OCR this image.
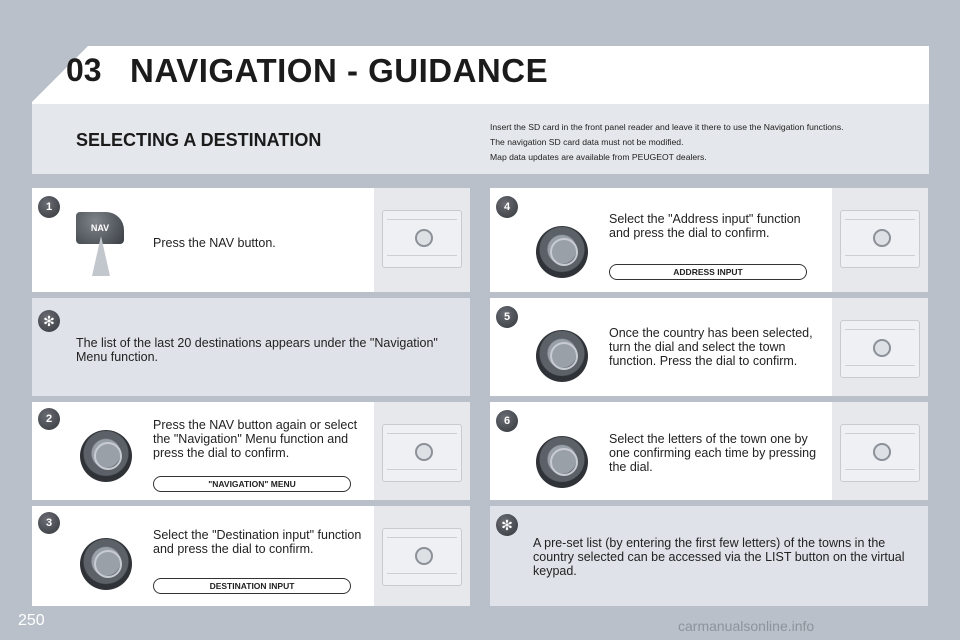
03 NAVIGATION - GUIDANCE
SELECTING A DESTINATION
Insert the SD card in the front panel reader and leave it there to use the Navigation functions.
The navigation SD card data must not be modified.
Map data updates are available from PEUGEOT dealers.
1
NAV
Press the NAV button.
✻
The list of the last 20 destinations appears under the "Navigation" Menu function.
2	Press the NAV button again or select the "Navigation" Menu function and press the dial to confirm.
"NAVIGATION" MENU
3
Select the "Destination input" function and press the dial to confirm.
DESTINATION INPUT
4
Select the "Address input" function and press the dial to confirm.
ADDRESS INPUT
5
Once the country has been selected, turn the dial and select the town function. Press the dial to confirm.
6
Select the letters of the town one by one confirming each time by pressing the dial.
✻
A pre-set list (by entering the first few letters) of the towns in the country selected can be accessed via the LIST button on the virtual keypad.
250	carmanualsonline.info
